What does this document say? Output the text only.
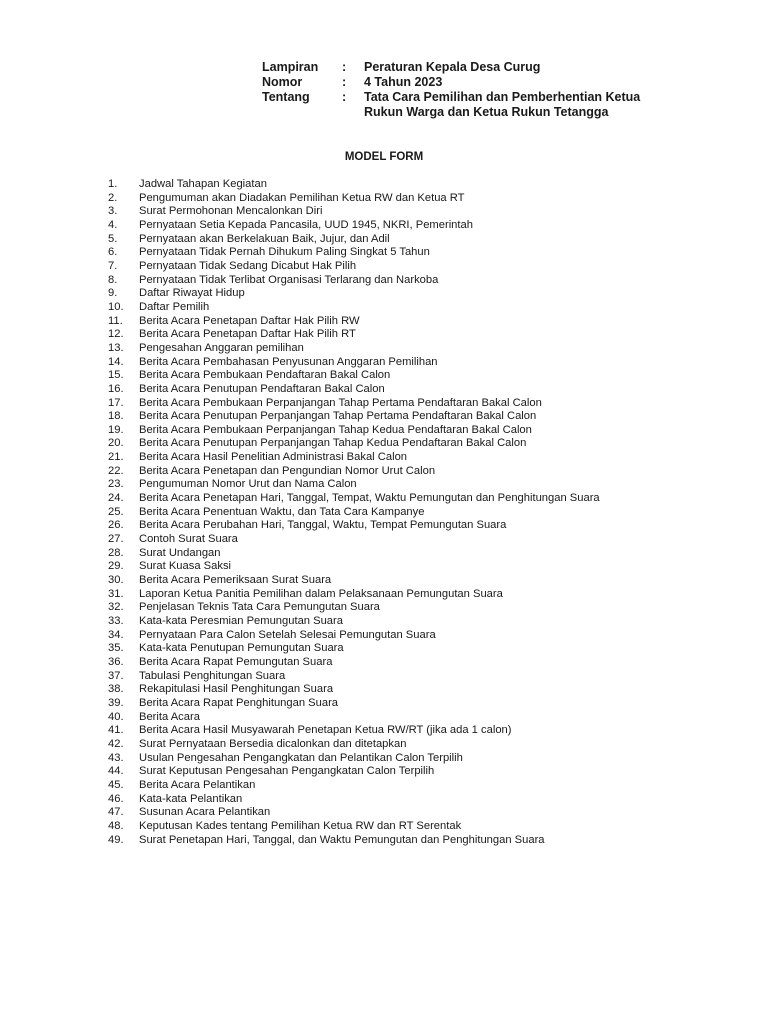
Lampiran	:	Peraturan Kepala Desa Curug
Nomor	:	4 Tahun 2023
Tentang	:	Tata Cara Pemilihan dan Pemberhentian Ketua Rukun Warga dan Ketua Rukun Tetangga
MODEL FORM
1.	Jadwal Tahapan Kegiatan
2.	Pengumuman akan Diadakan Pemilihan Ketua RW dan Ketua RT
3.	Surat Permohonan Mencalonkan Diri
4.	Pernyataan Setia Kepada Pancasila, UUD 1945, NKRI, Pemerintah
5.	Pernyataan akan Berkelakuan Baik, Jujur, dan Adil
6.	Pernyataan Tidak Pernah Dihukum Paling Singkat 5 Tahun
7.	Pernyataan Tidak Sedang Dicabut Hak Pilih
8.	Pernyataan Tidak Terlibat Organisasi Terlarang dan Narkoba
9.	Daftar Riwayat Hidup
10.	Daftar Pemilih
11.	Berita Acara Penetapan Daftar Hak Pilih RW
12.	Berita Acara Penetapan Daftar Hak Pilih RT
13.	Pengesahan Anggaran pemilihan
14.	Berita Acara Pembahasan Penyusunan Anggaran Pemilihan
15.	Berita Acara Pembukaan Pendaftaran Bakal Calon
16.	Berita Acara Penutupan Pendaftaran Bakal Calon
17.	Berita Acara Pembukaan Perpanjangan Tahap Pertama Pendaftaran Bakal Calon
18.	Berita Acara Penutupan Perpanjangan Tahap Pertama Pendaftaran Bakal Calon
19.	Berita Acara Pembukaan Perpanjangan Tahap Kedua Pendaftaran Bakal Calon
20.	Berita Acara Penutupan Perpanjangan Tahap Kedua Pendaftaran Bakal Calon
21.	Berita Acara Hasil Penelitian Administrasi Bakal Calon
22.	Berita Acara Penetapan dan Pengundian Nomor Urut Calon
23.	Pengumuman Nomor Urut dan Nama Calon
24.	Berita Acara Penetapan Hari, Tanggal, Tempat, Waktu Pemungutan dan Penghitungan Suara
25.	Berita Acara Penentuan Waktu, dan Tata Cara Kampanye
26.	Berita Acara Perubahan Hari, Tanggal, Waktu, Tempat Pemungutan Suara
27.	Contoh Surat Suara
28.	Surat Undangan
29.	Surat Kuasa Saksi
30.	Berita Acara Pemeriksaan Surat Suara
31.	Laporan Ketua Panitia Pemilihan dalam Pelaksanaan Pemungutan Suara
32.	Penjelasan Teknis Tata Cara Pemungutan Suara
33.	Kata-kata Peresmian Pemungutan Suara
34.	Pernyataan Para Calon Setelah Selesai Pemungutan Suara
35.	Kata-kata Penutupan Pemungutan Suara
36.	Berita Acara Rapat Pemungutan Suara
37.	Tabulasi Penghitungan Suara
38.	Rekapitulasi Hasil Penghitungan Suara
39.	Berita Acara Rapat Penghitungan Suara
40.	Berita Acara
41.	Berita Acara Hasil Musyawarah Penetapan Ketua RW/RT (jika ada 1 calon)
42.	Surat Pernyataan Bersedia dicalonkan dan ditetapkan
43.	Usulan Pengesahan Pengangkatan dan Pelantikan Calon Terpilih
44.	Surat Keputusan Pengesahan Pengangkatan Calon Terpilih
45.	Berita Acara Pelantikan
46.	Kata-kata Pelantikan
47.	Susunan Acara Pelantikan
48.	Keputusan Kades tentang Pemilihan Ketua RW dan RT Serentak
49.	Surat Penetapan Hari, Tanggal, dan Waktu Pemungutan dan Penghitungan Suara
